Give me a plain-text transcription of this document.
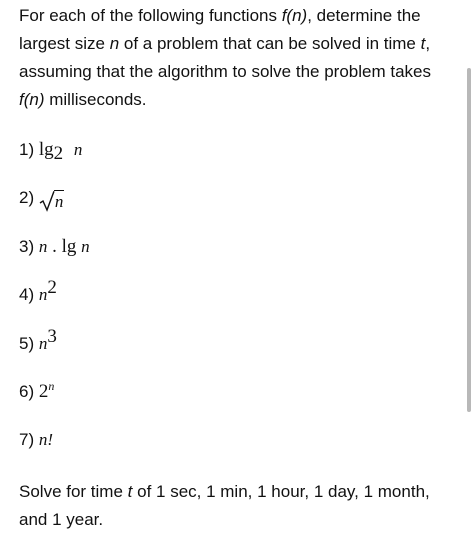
For each of the following functions f(n), determine the largest size n of a problem that can be solved in time t, assuming that the algorithm to solve the problem takes f(n) milliseconds.

1) $\lg_2 n$
2) n
3) n . lg n
4) $n^2$
5) $n^3$
6) 2$^n$
7) n!

Solve for time t of 1 sec, 1 min, 1 hour, 1 day, 1 month, and 1 year.
